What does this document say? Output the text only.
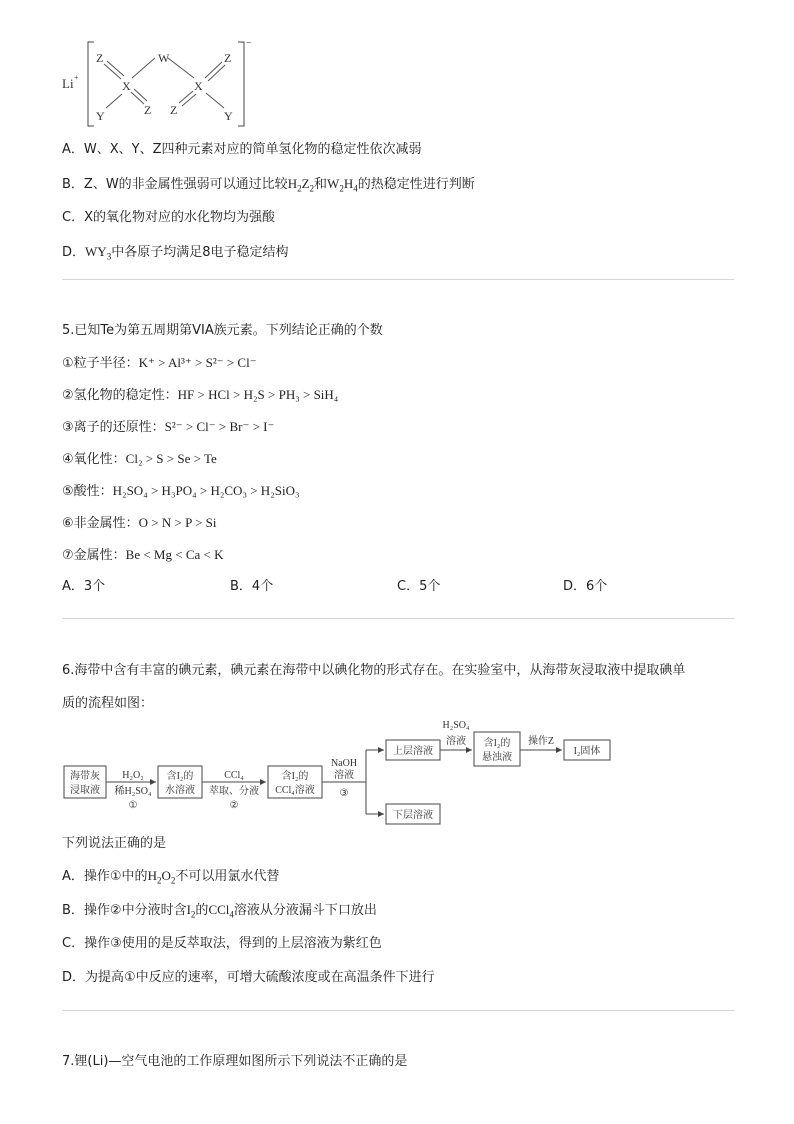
Li +
−
Z
X
Y	Z
W
Z
X
Z
Y
A．W、X、Y、Z四种元素对应的简单氢化物的稳定性依次减弱
B．Z、W的非金属性强弱可以通过比较$H_2Z_2$和$W_2H_4$的热稳定性进行判断
C．X的氧化物对应的水化物均为强酸
D．$WY_3$中各原子均满足8电子稳定结构
5.已知Te为第五周期第VIA族元素。下列结论正确的个数
①粒子半径：K⁺ > Al³⁺ > S²⁻ > Cl⁻
②氢化物的稳定性：HF > HCl > H₂S > PH₃ > SiH₄
③离子的还原性：S²⁻ > Cl⁻ > Br⁻ > I⁻
④氧化性：Cl₂ > S > Se > Te
⑤酸性：H₂SO₄ > H₃PO₄ > H₂CO₃ > H₂SiO₃
⑥非金属性：O > N > P > Si
⑦金属性：Be < Mg < Ca < K
A．3个	B．4个	C．5个	D．6个
6.海带中含有丰富的碘元素，碘元素在海带中以碘化物的形式存在。在实验室中，从海带灰浸取液中提取碘单
质的流程如图：
海带灰
浸取液
H₂O₂
稀H₂SO₄
①
含I₂的
水溶液
CCl₄
萃取、分液
②
含I₂的
CCl₄溶液
NaOH
溶液
③
上层溶液
下层溶液
H₂SO₄
溶液 含I₂的
悬浊液
操作Z
I₂固体
下列说法正确的是
A．操作①中的$H_2O_2$不可以用氯水代替
B．操作②中分液时含$I_2$的CCl$_4$溶液从分液漏斗下口放出
C．操作③使用的是反萃取法，得到的上层溶液为紫红色
D．为提高①中反应的速率，可增大硫酸浓度或在高温条件下进行
7.锂(Li)—空气电池的工作原理如图所示下列说法不正确的是
